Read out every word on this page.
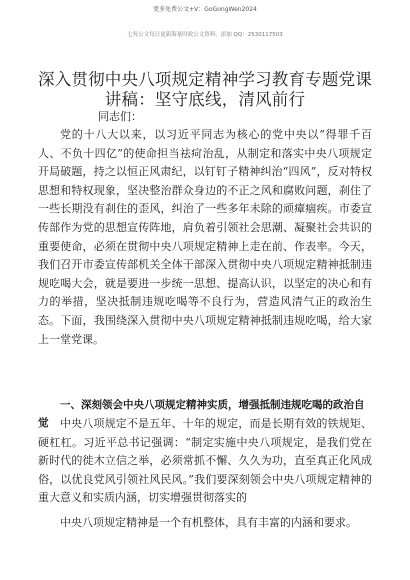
更多免费公文+V：GoGongWen2024
七每公文每日更新海量时政公文资料，添加 QQ：2530117503
深入贯彻中央八项规定精神学习教育专题党课讲稿：坚守底线，清风前行
同志们：

党的十八大以来，以习近平同志为核心的党中央以“得罪千百人、不负十四亿”的使命担当祛疴治乱，从制定和落实中央八项规定开局破题，持之以恒正风肃纪，以钉钉子精神纠治“四风”，反对特权思想和特权现象，坚决整治群众身边的不正之风和腐败问题，刹住了一些长期没有刹住的歪风，纠治了一些多年未除的顽瘴痼疾。市委宣传部作为党的思想宣传阵地，肩负着引领社会思潮、凝聚社会共识的重要使命，必须在贯彻中央八项规定精神上走在前、作表率。今天，我们召开市委宣传部机关全体干部深入贯彻中央八项规定精神抵制违规吃喝大会，就是要进一步统一思想、提高认识，以坚定的决心和有力的举措，坚决抵制违规吃喝等不良行为，营造风清气正的政治生态。下面，我围绕深入贯彻中央八项规定精神抵制违规吃喝，给大家上一堂党课。

一、深刻领会中央八项规定精神实质，增强抵制违规吃喝的政治自觉	中央八项规定不是五年、十年的规定，而是长期有效的铁规矩、硬杠杠。习近平总书记强调：“制定实施中央八项规定，是我们党在新时代的徙木立信之举，必须常抓不懈、久久为功，直至真正化风成俗，以优良党风引领社风民风。”我们要深刻领会中央八项规定精神的重大意义和实质内涵，切实增强贯彻落实的

中央八项规定精神是一个有机整体，具有丰富的内涵和要求。
